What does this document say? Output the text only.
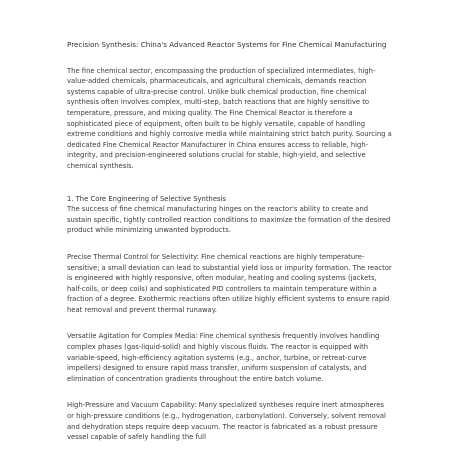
Precision Synthesis: China's Advanced Reactor Systems for Fine Chemical Manufacturing

The fine chemical sector, encompassing the production of specialized intermediates, high-value-added chemicals, pharmaceuticals, and agricultural chemicals, demands reaction systems capable of ultra-precise control. Unlike bulk chemical production, fine chemical synthesis often involves complex, multi-step, batch reactions that are highly sensitive to temperature, pressure, and mixing quality. The Fine Chemical Reactor is therefore a sophisticated piece of equipment, often built to be highly versatile, capable of handling extreme conditions and highly corrosive media while maintaining strict batch purity. Sourcing a dedicated Fine Chemical Reactor Manufacturer in China ensures access to reliable, high-integrity, and precision-engineered solutions crucial for stable, high-yield, and selective chemical synthesis.

1. The Core Engineering of Selective Synthesis

The success of fine chemical manufacturing hinges on the reactor's ability to create and sustain specific, tightly controlled reaction conditions to maximize the formation of the desired product while minimizing unwanted byproducts.

Precise Thermal Control for Selectivity: Fine chemical reactions are highly temperature-sensitive; a small deviation can lead to substantial yield loss or impurity formation. The reactor is engineered with highly responsive, often modular, heating and cooling systems (jackets, half-coils, or deep coils) and sophisticated PID controllers to maintain temperature within a fraction of a degree. Exothermic reactions often utilize highly efficient systems to ensure rapid heat removal and prevent thermal runaway.

Versatile Agitation for Complex Media: Fine chemical synthesis frequently involves handling complex phases (gas-liquid-solid) and highly viscous fluids. The reactor is equipped with variable-speed, high-efficiency agitation systems (e.g., anchor, turbine, or retreat-curve impellers) designed to ensure rapid mass transfer, uniform suspension of catalysts, and elimination of concentration gradients throughout the entire batch volume.

High-Pressure and Vacuum Capability: Many specialized syntheses require inert atmospheres or high-pressure conditions (e.g., hydrogenation, carbonylation). Conversely, solvent removal and dehydration steps require deep vacuum. The reactor is fabricated as a robust pressure vessel capable of safely handling the full
